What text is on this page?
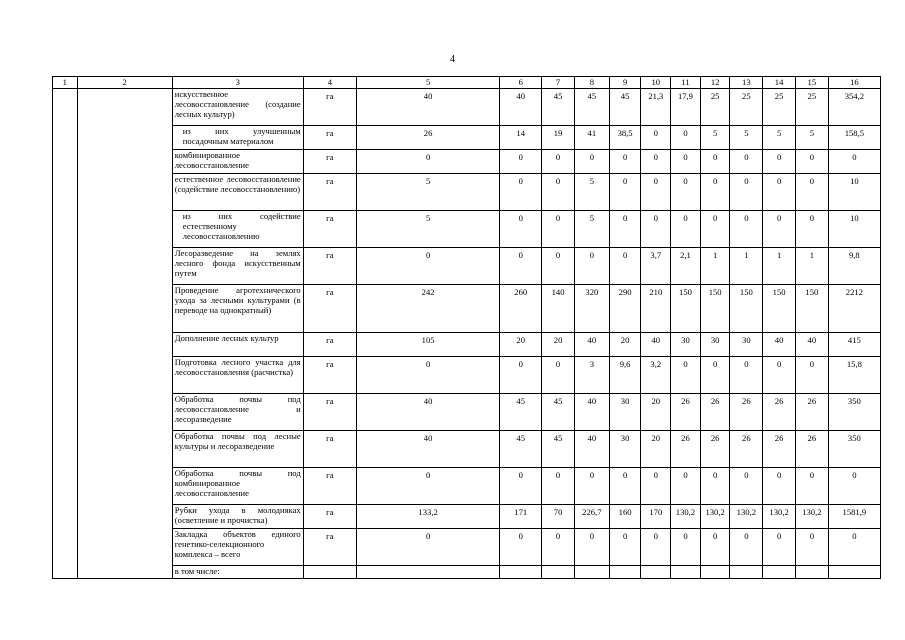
4
1	2	3	4	5	6	7	8	9	10	11	12	13	14	15	16
		искусственное лесовосстановление (создание лесных культур)	га	40	40	45	45	45	21,3	17,9	25	25	25	25	354,2
		из них улучшенным посадочным материалом	га	26	14	19	41	38,5	0	0	5	5	5	5	158,5
		комбинированное лесовосстановление	га	0	0	0	0	0	0	0	0	0	0	0	0
		естественное лесовосстановление (содействие лесовосстановлению)	га	5	0	0	5	0	0	0	0	0	0	0	10
		из них содействие естественному лесовосстановлению	га	5	0	0	5	0	0	0	0	0	0	0	10
		Лесоразведение на землях лесного фонда искусственным путем	га	0	0	0	0	0	3,7	2,1	1	1	1	1	9,8
		Проведение агротехнического ухода за лесными культурами (в переводе на однократный)	га	242	260	140	320	290	210	150	150	150	150	150	2212
		Дополнение лесных культур	га	105	20	20	40	20	40	30	30	30	40	40	415
		Подготовка лесного участка для лесовосстановления (расчистка)	га	0	0	0	3	9,6	3,2	0	0	0	0	0	15,8
		Обработка почвы под лесовосстановление и лесоразведение	га	40	45	45	40	30	20	26	26	26	26	26	350
		Обработка почвы под лесные культуры и лесоразведение	га	40	45	45	40	30	20	26	26	26	26	26	350
		Обработка почвы под комбинированное лесовосстановление	га	0	0	0	0	0	0	0	0	0	0	0	0
		Рубки ухода в молодняках (осветление и прочистка)	га	133,2	171	70	226,7	160	170	130,2	130,2	130,2	130,2	130,2	1581,9
		Закладка объектов единого генетико-селекционного комплекса – всего	га	0	0	0	0	0	0	0	0	0	0	0	0
		в том числе:													
